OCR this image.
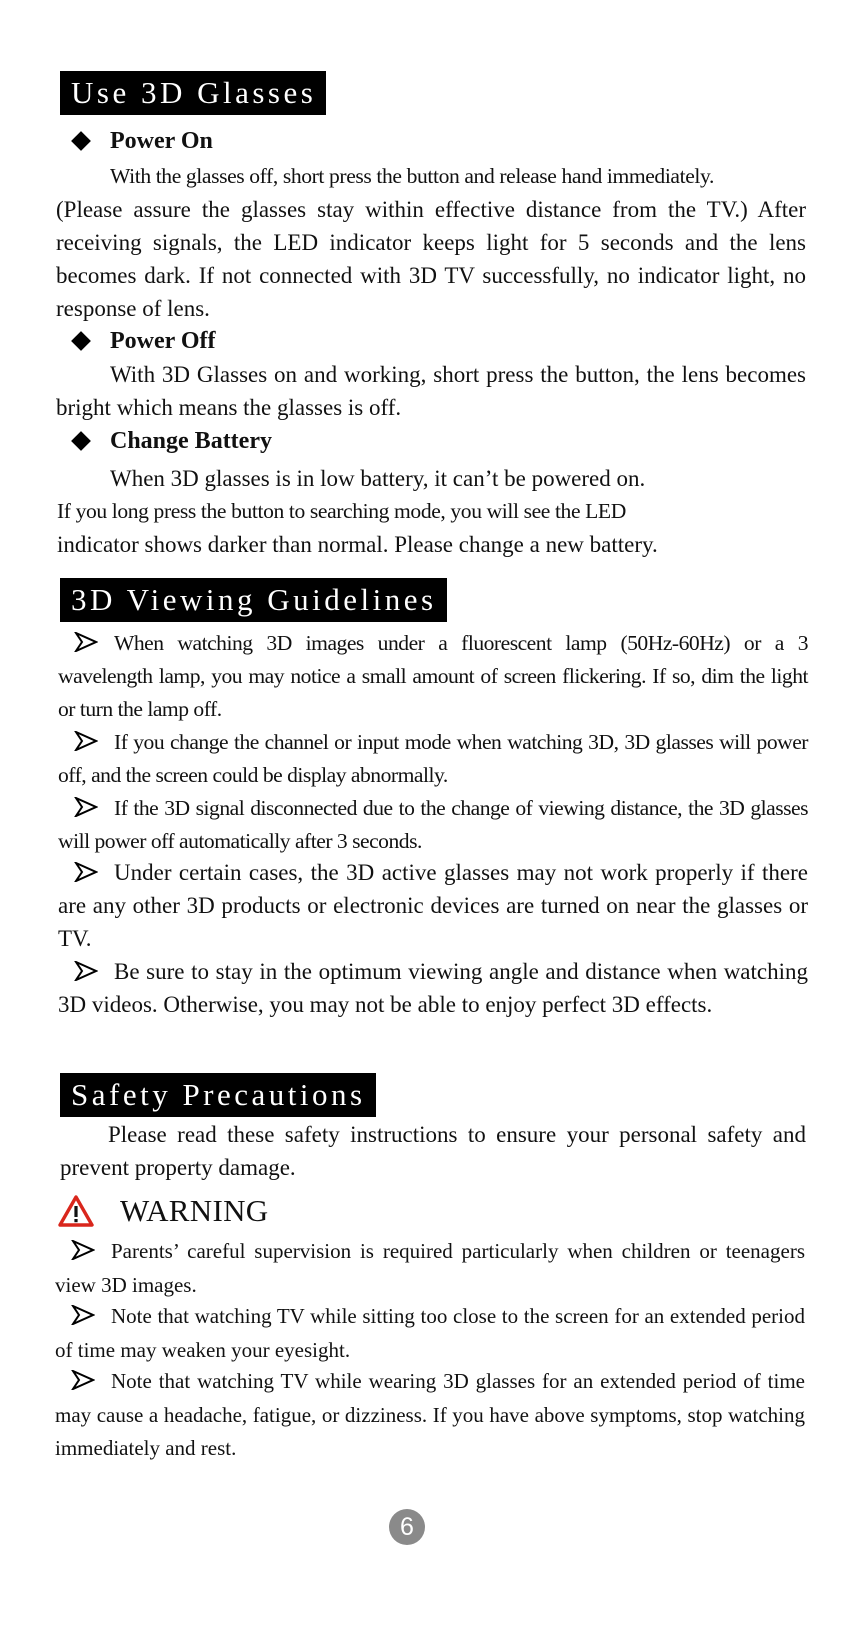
Use 3D Glasses
Power On
With the glasses off, short press the button and release hand immediately.
(Please assure the glasses stay within effective distance from the TV.) After receiving signals, the LED indicator keeps light for 5 seconds and the lens becomes dark. If not connected with 3D TV successfully, no indicator light, no response of lens.
Power Off
With 3D Glasses on and working, short press the button, the lens becomes bright which means the glasses is off.
Change Battery
When 3D glasses is in low battery, it can’t be powered on.
If you long press the button to searching mode, you will see the LED
indicator shows darker than normal. Please change a new battery.
3D Viewing Guidelines
When watching 3D images under a fluorescent lamp (50Hz-60Hz) or a 3 wavelength lamp, you may notice a small amount of screen flickering. If so, dim the light or turn the lamp off.
If you change the channel or input mode when watching 3D, 3D glasses will power off, and the screen could be display abnormally.
If the 3D signal disconnected due to the change of viewing distance, the 3D glasses will power off automatically after 3 seconds.
Under certain cases, the 3D active glasses may not work properly if there are any other 3D products or electronic devices are turned on near the glasses or TV.
Be sure to stay in the optimum viewing angle and distance when watching 3D videos. Otherwise, you may not be able to enjoy perfect 3D effects.
Safety Precautions
Please read these safety instructions to ensure your personal safety and prevent property damage.
WARNING
Parents’ careful supervision is required particularly when children or teenagers view 3D images.
Note that watching TV while sitting too close to the screen for an extended period of time may weaken your eyesight.
Note that watching TV while wearing 3D glasses for an extended period of time may cause a headache, fatigue, or dizziness. If you have above symptoms, stop watching immediately and rest.
6
